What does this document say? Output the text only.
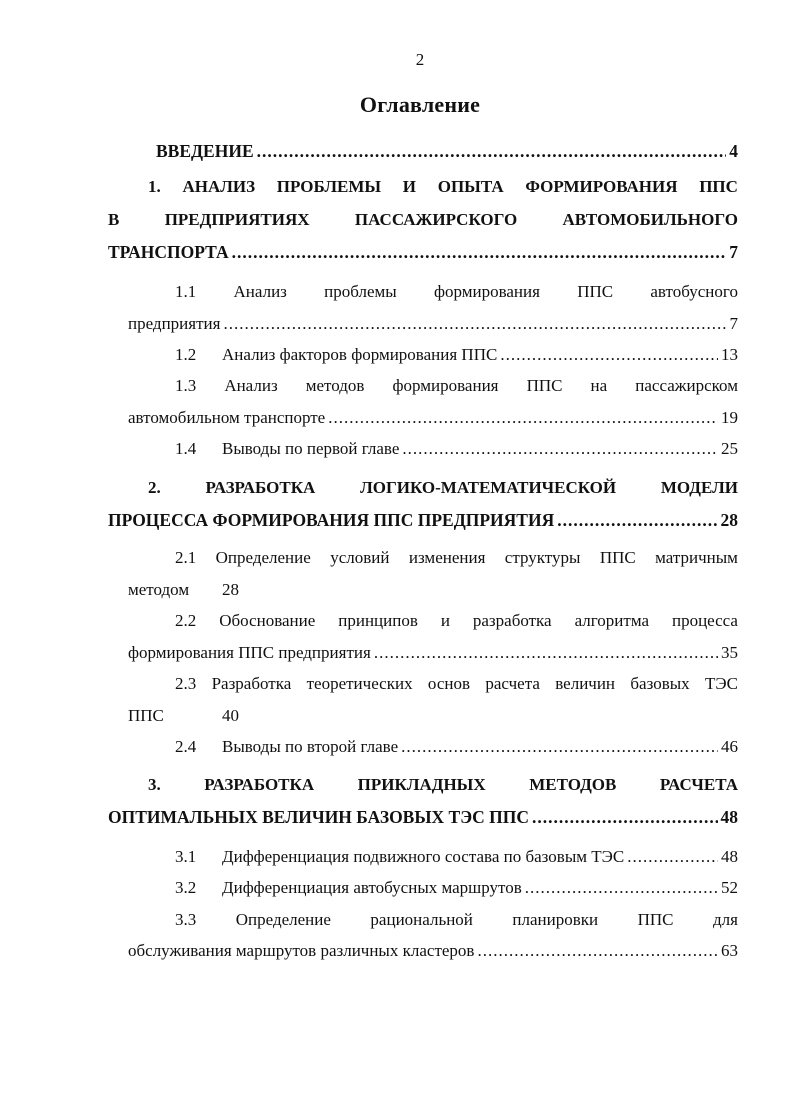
2
Оглавление
ВВЕДЕНИЕ .....	4
1. АНАЛИЗ ПРОБЛЕМЫ И ОПЫТА ФОРМИРОВАНИЯ ППС
В	ПРЕДПРИЯТИЯХ	ПАССАЖИРСКОГО	АВТОМОБИЛЬНОГО
ТРАНСПОРТА .....	7
1.1 Анализ проблемы формирования ППС автобусного
предприятия .....	7
1.2	Анализ факторов формирования ППС .....	13
1.3 Анализ методов формирования ППС на пассажирском
автомобильном транспорте .....	19
1.4	Выводы по первой главе .....	25
2.	РАЗРАБОТКА	ЛОГИКО-МАТЕМАТИЧЕСКОЙ	МОДЕЛИ
ПРОЦЕССА ФОРМИРОВАНИЯ ППС ПРЕДПРИЯТИЯ .....	28
2.1 Определение условий изменения структуры ППС матричным
методом	28
2.2 Обоснование принципов и разработка алгоритма процесса
формирования ППС предприятия .....	35
2.3 Разработка теоретических основ расчета величин базовых ТЭС
ППС	40
2.4	Выводы по второй главе .....	46
3.	РАЗРАБОТКА	ПРИКЛАДНЫХ	МЕТОДОВ	РАСЧЕТА
ОПТИМАЛЬНЫХ ВЕЛИЧИН БАЗОВЫХ ТЭС ППС .....	48
3.1	Дифференциация подвижного состава по базовым ТЭС .....	48
3.2	Дифференциация автобусных маршрутов .....	52
3.3 Определение рациональной планировки ППС для
обслуживания маршрутов различных кластеров .....	63
